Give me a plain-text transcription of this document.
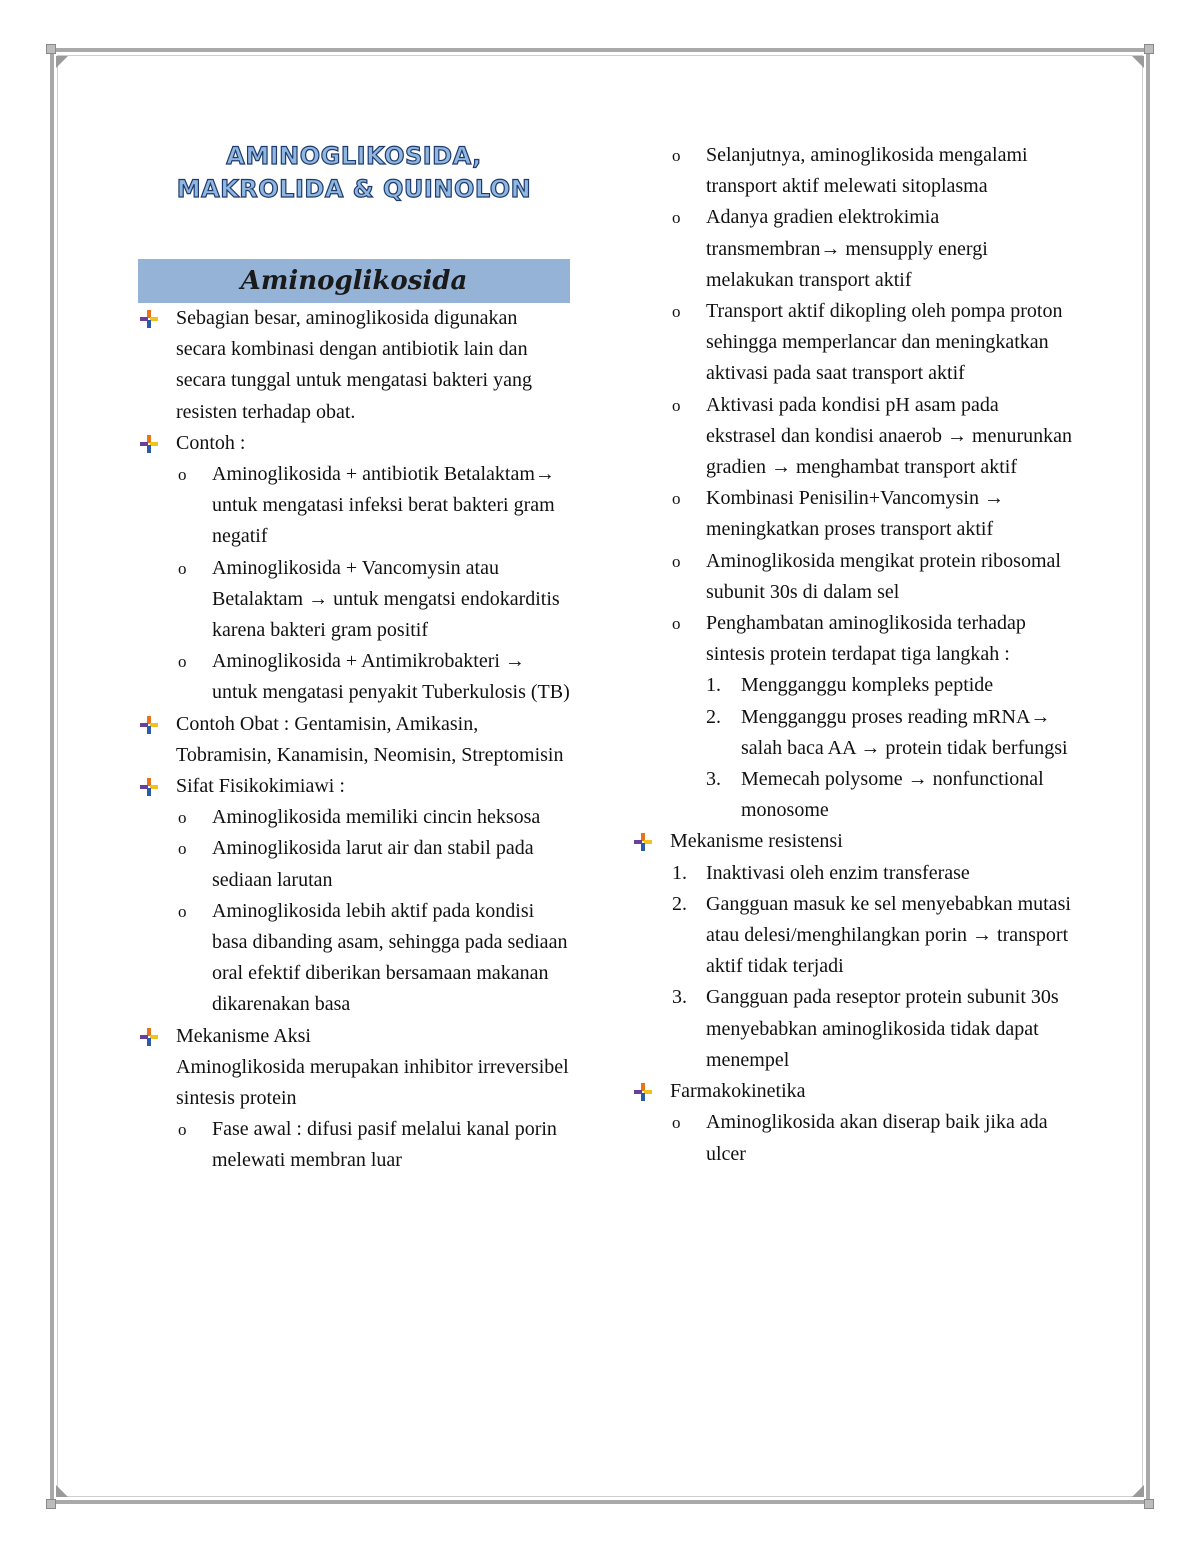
AMINOGLIKOSIDA,
MAKROLIDA & QUINOLON
Aminoglikosida
Sebagian besar, aminoglikosida digunakan secara kombinasi dengan antibiotik lain dan secara tunggal untuk mengatasi bakteri yang resisten terhadap obat.
Contoh :
o Aminoglikosida + antibiotik Betalaktam→ untuk mengatasi infeksi berat bakteri gram negatif
o Aminoglikosida + Vancomysin atau Betalaktam → untuk mengatsi endokarditis karena bakteri gram positif
o Aminoglikosida + Antimikrobakteri → untuk mengatasi penyakit Tuberkulosis (TB)
Contoh Obat : Gentamisin, Amikasin, Tobramisin, Kanamisin, Neomisin, Streptomisin
Sifat Fisikokimiawi :
o Aminoglikosida memiliki cincin heksosa
o Aminoglikosida larut air dan stabil pada sediaan larutan
o Aminoglikosida lebih aktif pada kondisi basa dibanding asam, sehingga pada sediaan oral efektif diberikan bersamaan makanan dikarenakan basa
Mekanisme Aksi
Aminoglikosida merupakan inhibitor irreversibel sintesis protein
o Fase awal : difusi pasif melalui kanal porin melewati membran luar
o Selanjutnya, aminoglikosida mengalami transport aktif melewati sitoplasma
o Adanya gradien elektrokimia transmembran→ mensupply energi melakukan transport aktif
o Transport aktif dikopling oleh pompa proton sehingga memperlancar dan meningkatkan aktivasi pada saat transport aktif
o Aktivasi pada kondisi pH asam pada ekstrasel dan kondisi anaerob → menurunkan gradien → menghambat transport aktif
o Kombinasi Penisilin+Vancomysin → meningkatkan proses transport aktif
o Aminoglikosida mengikat protein ribosomal subunit 30s di dalam sel
o Penghambatan aminoglikosida terhadap sintesis protein terdapat tiga langkah :
1. Mengganggu kompleks peptide
2. Mengganggu proses reading mRNA→ salah baca AA → protein tidak berfungsi
3. Memecah polysome → nonfunctional monosome
Mekanisme resistensi
1. Inaktivasi oleh enzim transferase
2. Gangguan masuk ke sel menyebabkan mutasi atau delesi/menghilangkan porin → transport aktif tidak terjadi
3. Gangguan pada reseptor protein subunit 30s menyebabkan aminoglikosida tidak dapat menempel
Farmakokinetika
o Aminoglikosida akan diserap baik jika ada ulcer
